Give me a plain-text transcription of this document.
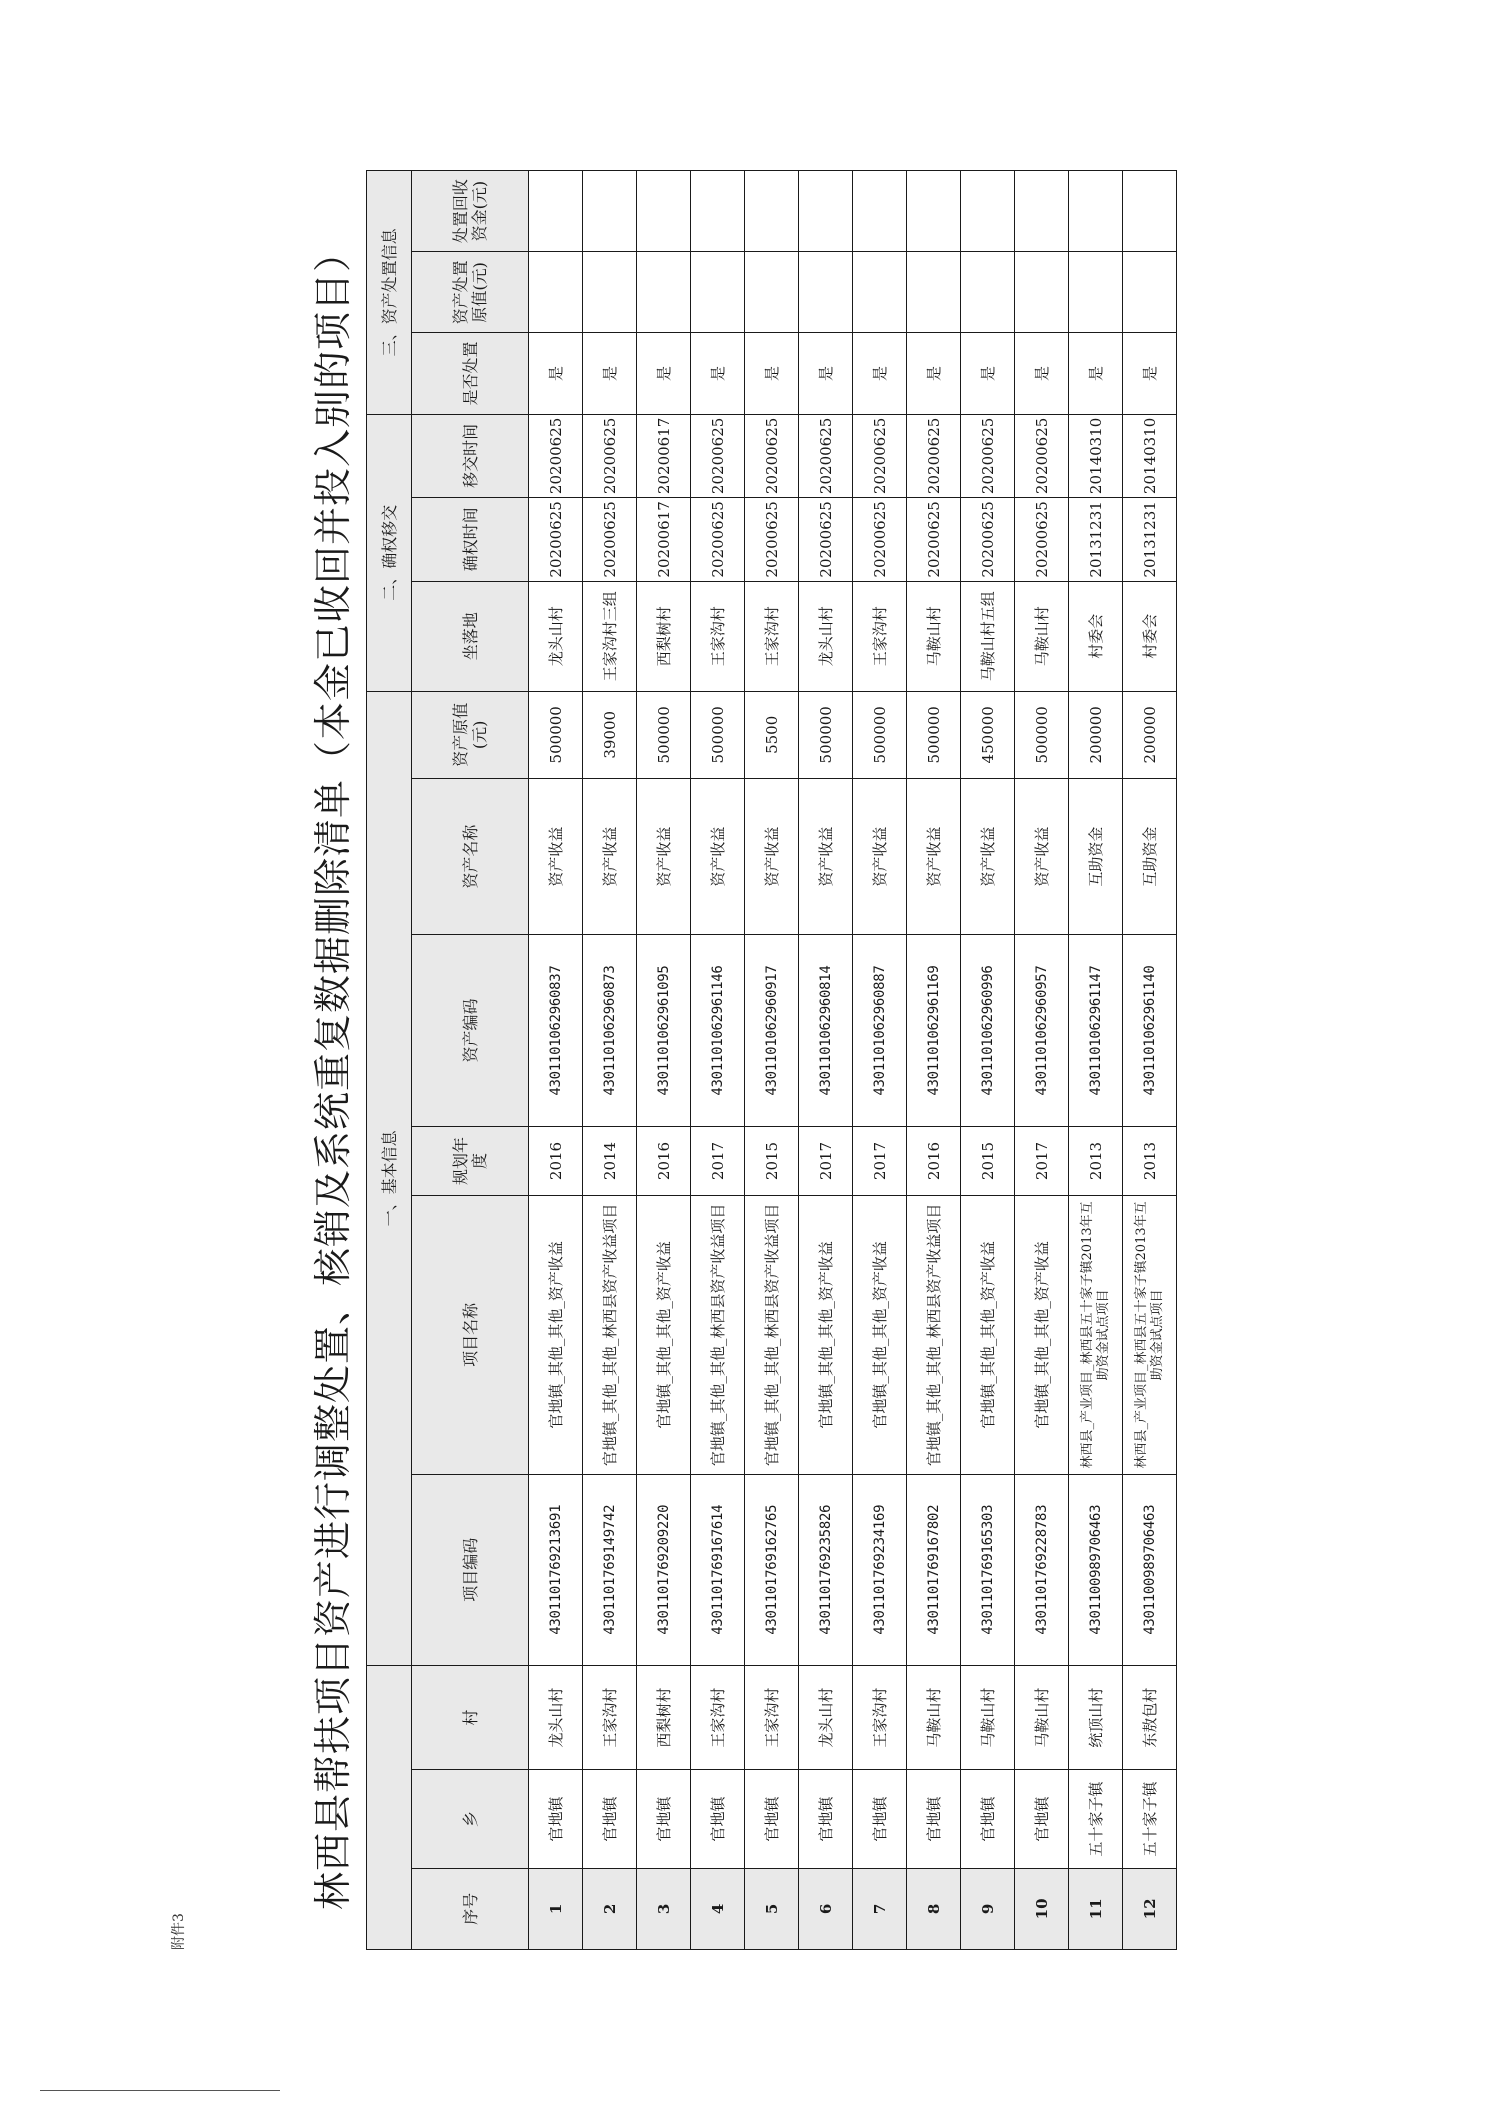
附件3
林西县帮扶项目资产进行调整处置、核销及系统重复数据删除清单（本金已收回并投入别的项目）
			一、基本信息						二、确权移交			三、资产处置信息		
序号	乡	村	项目编码	项目名称	规划年度	资产编码	资产名称	资产原值(元)	坐落地	确权时间	移交时间	是否处置	资产处置原值(元)	处置回收资金(元)
1	官地镇	龙头山村	4301101769213691	官地镇_其他_其他_资产收益	2016	4301101062960837	资产收益	500000	龙头山村	20200625	20200625	是		
2	官地镇	王家沟村	4301101769149742	官地镇_其他_其他_林西县资产收益项目	2014	4301101062960873	资产收益	39000	王家沟村三组	20200625	20200625	是		
3	官地镇	西梨树村	4301101769209220	官地镇_其他_其他_资产收益	2016	4301101062961095	资产收益	500000	西梨树村	20200617	20200617	是		
4	官地镇	王家沟村	4301101769167614	官地镇_其他_其他_林西县资产收益项目	2017	4301101062961146	资产收益	500000	王家沟村	20200625	20200625	是		
5	官地镇	王家沟村	4301101769162765	官地镇_其他_其他_林西县资产收益项目	2015	4301101062960917	资产收益	5500	王家沟村	20200625	20200625	是		
6	官地镇	龙头山村	4301101769235826	官地镇_其他_其他_资产收益	2017	4301101062960814	资产收益	500000	龙头山村	20200625	20200625	是		
7	官地镇	王家沟村	4301101769234169	官地镇_其他_其他_资产收益	2017	4301101062960887	资产收益	500000	王家沟村	20200625	20200625	是		
8	官地镇	马鞍山村	4301101769167802	官地镇_其他_其他_林西县资产收益项目	2016	4301101062961169	资产收益	500000	马鞍山村	20200625	20200625	是		
9	官地镇	马鞍山村	4301101769165303	官地镇_其他_其他_资产收益	2015	4301101062960996	资产收益	450000	马鞍山村五组	20200625	20200625	是		
10	官地镇	马鞍山村	4301101769228783	官地镇_其他_其他_资产收益	2017	4301101062960957	资产收益	500000	马鞍山村	20200625	20200625	是		
11	五十家子镇	统顶山村	4301100989706463	林西县_产业项目_林西县五十家子镇2013年互助资金试点项目	2013	4301101062961147	互助资金	200000	村委会	20131231	20140310	是		
12	五十家子镇	东敖包村	4301100989706463	林西县_产业项目_林西县五十家子镇2013年互助资金试点项目	2013	4301101062961140	互助资金	200000	村委会	20131231	20140310	是		
